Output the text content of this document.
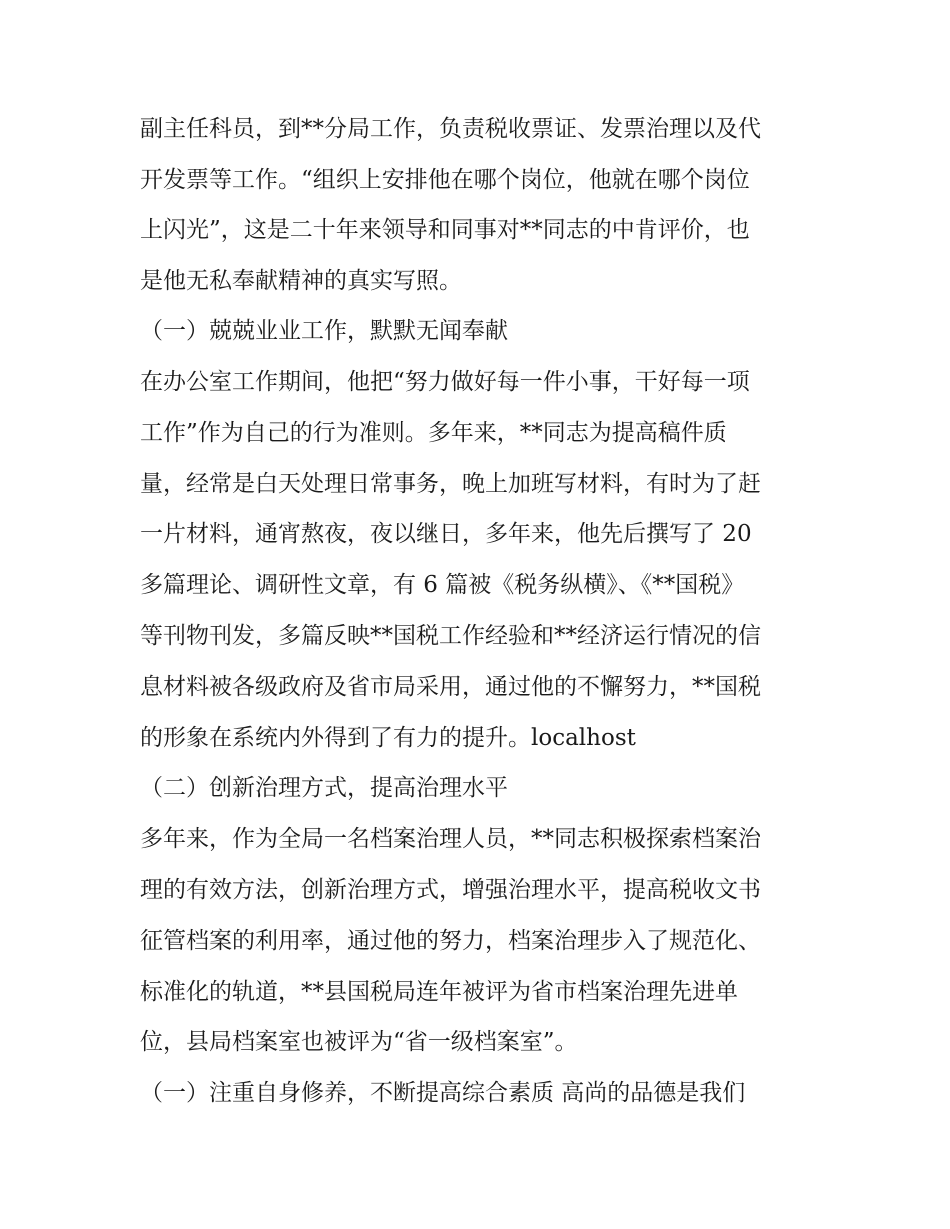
副主任科员，到**分局工作，负责税收票证、发票治理以及代
开发票等工作。“组织上安排他在哪个岗位，他就在哪个岗位
上闪光”，这是二十年来领导和同事对**同志的中肯评价，也
是他无私奉献精神的真实写照。
（一）兢兢业业工作，默默无闻奉献
在办公室工作期间，他把“努力做好每一件小事，干好每一项
工作”作为自己的行为准则。多年来，**同志为提高稿件质
量，经常是白天处理日常事务，晚上加班写材料，有时为了赶
一片材料，通宵熬夜，夜以继日，多年来，他先后撰写了 20
多篇理论、调研性文章，有 6 篇被《税务纵横》、《**国税》
等刊物刊发，多篇反映**国税工作经验和**经济运行情况的信
息材料被各级政府及省市局采用，通过他的不懈努力，**国税
的形象在系统内外得到了有力的提升。localhost
（二）创新治理方式，提高治理水平
多年来，作为全局一名档案治理人员，**同志积极探索档案治
理的有效方法，创新治理方式，增强治理水平，提高税收文书
征管档案的利用率，通过他的努力，档案治理步入了规范化、
标准化的轨道，**县国税局连年被评为省市档案治理先进单
位，县局档案室也被评为“省一级档案室”。
（一）注重自身修养，不断提高综合素质 高尚的品德是我们
